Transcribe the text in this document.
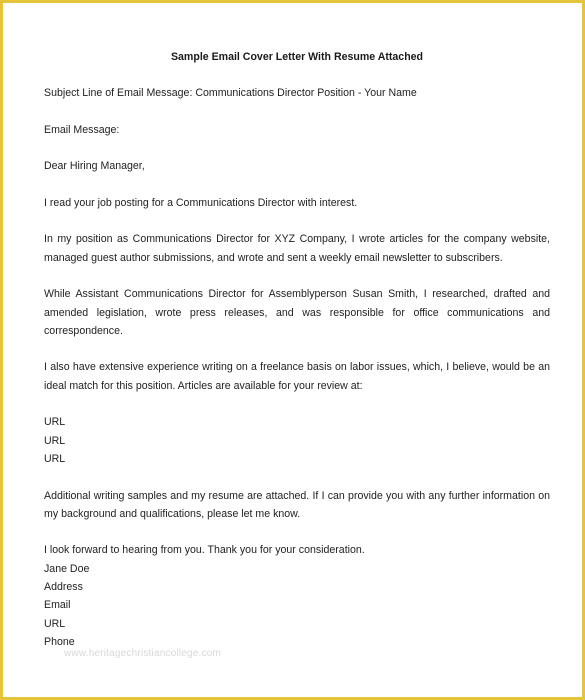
Sample Email Cover Letter With Resume Attached

Subject Line of Email Message: Communications Director Position - Your Name

Email Message:

Dear Hiring Manager,

I read your job posting for a Communications Director with interest.

In my position as Communications Director for XYZ Company, I wrote articles for the company website, managed guest author submissions, and wrote and sent a weekly email newsletter to subscribers.

While Assistant Communications Director for Assemblyperson Susan Smith, I researched, drafted and amended legislation, wrote press releases, and was responsible for office communications and correspondence.

I also have extensive experience writing on a freelance basis on labor issues, which, I believe, would be an ideal match for this position. Articles are available for your review at:

URL
URL
URL

Additional writing samples and my resume are attached. If I can provide you with any further information on my background and qualifications, please let me know.

I look forward to hearing from you. Thank you for your consideration.
Jane Doe
Address
Email
URL
Phone
www.heritagechristiancollege.com
